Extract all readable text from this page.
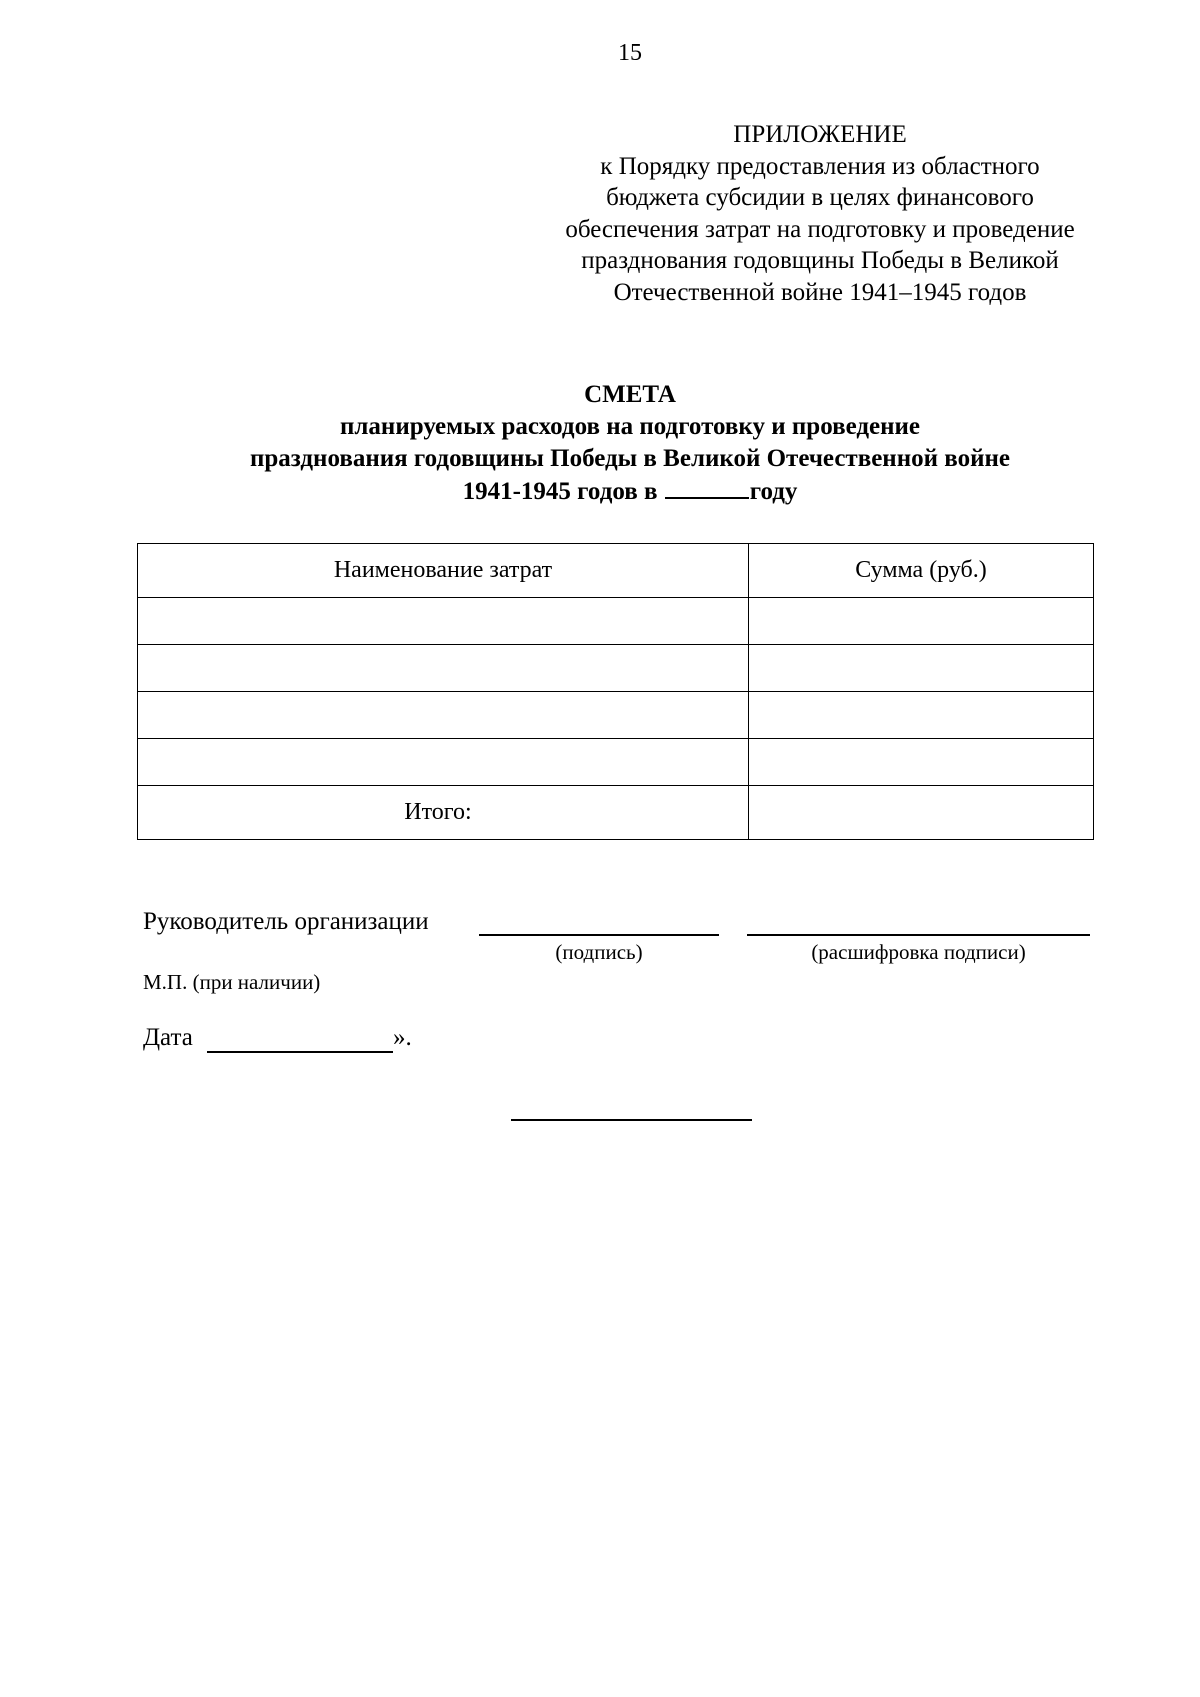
15
ПРИЛОЖЕНИЕ
к Порядку предоставления из областного
бюджета субсидии в целях финансового
обеспечения затрат на подготовку и проведение
празднования годовщины Победы в Великой
Отечественной войне 1941–1945 годов
СМЕТА
планируемых расходов на подготовку и проведение
празднования годовщины Победы в Великой Отечественной войне
1941-1945 годов в	году
Наименование затрат	Сумма (руб.)

Итого:	
Руководитель организации
(подпись)	(расшифровка подписи)
М.П. (при наличии)
Дата	».
